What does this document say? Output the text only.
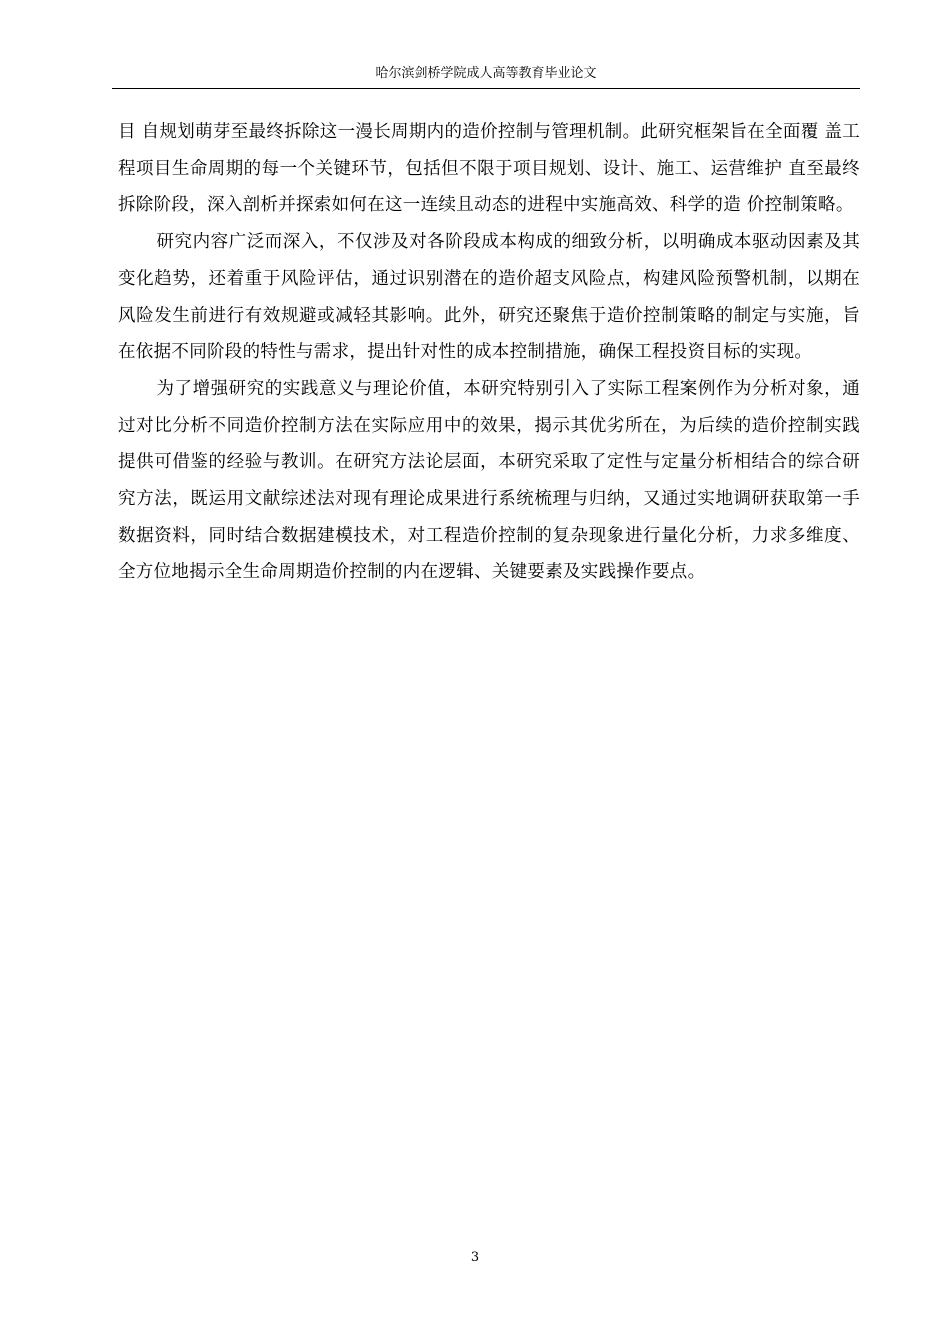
哈尔滨剑桥学院成人高等教育毕业论文

目 自规划萌芽至最终拆除这一漫长周期内的造价控制与管理机制。此研究框架旨在全面覆 盖工程项目生命周期的每一个关键环节，包括但不限于项目规划、设计、施工、运营维护 直至最终拆除阶段，深入剖析并探索如何在这一连续且动态的进程中实施高效、科学的造 价控制策略。

研究内容广泛而深入，不仅涉及对各阶段成本构成的细致分析，以明确成本驱动因素及其变化趋势，还着重于风险评估，通过识别潜在的造价超支风险点，构建风险预警机制，以期在风险发生前进行有效规避或减轻其影响。此外，研究还聚焦于造价控制策略的制定与实施，旨在依据不同阶段的特性与需求，提出针对性的成本控制措施，确保工程投资目标的实现。

为了增强研究的实践意义与理论价值，本研究特别引入了实际工程案例作为分析对象，通过对比分析不同造价控制方法在实际应用中的效果，揭示其优劣所在，为后续的造价控制实践提供可借鉴的经验与教训。在研究方法论层面，本研究采取了定性与定量分析相结合的综合研究方法，既运用文献综述法对现有理论成果进行系统梳理与归纳，又通过实地调研获取第一手数据资料，同时结合数据建模技术，对工程造价控制的复杂现象进行量化分析，力求多维度、全方位地揭示全生命周期造价控制的内在逻辑、关键要素及实践操作要点。

3
